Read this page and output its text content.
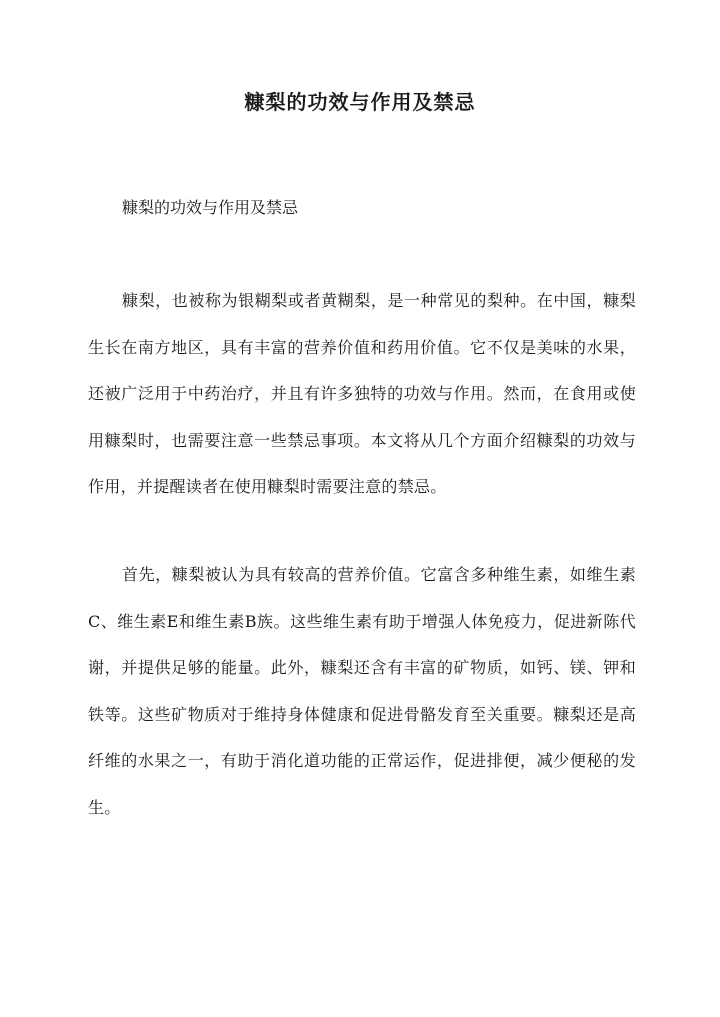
糠梨的功效与作用及禁忌

糠梨的功效与作用及禁忌

糠梨，也被称为银糊梨或者黄糊梨，是一种常见的梨种。在中国，糠梨生长在南方地区，具有丰富的营养价值和药用价值。它不仅是美味的水果，还被广泛用于中药治疗，并且有许多独特的功效与作用。然而，在食用或使用糠梨时，也需要注意一些禁忌事项。本文将从几个方面介绍糠梨的功效与作用，并提醒读者在使用糠梨时需要注意的禁忌。

首先，糠梨被认为具有较高的营养价值。它富含多种维生素，如维生素C、维生素E和维生素B族。这些维生素有助于增强人体免疫力，促进新陈代谢，并提供足够的能量。此外，糠梨还含有丰富的矿物质，如钙、镁、钾和铁等。这些矿物质对于维持身体健康和促进骨骼发育至关重要。糠梨还是高纤维的水果之一，有助于消化道功能的正常运作，促进排便，减少便秘的发生。
